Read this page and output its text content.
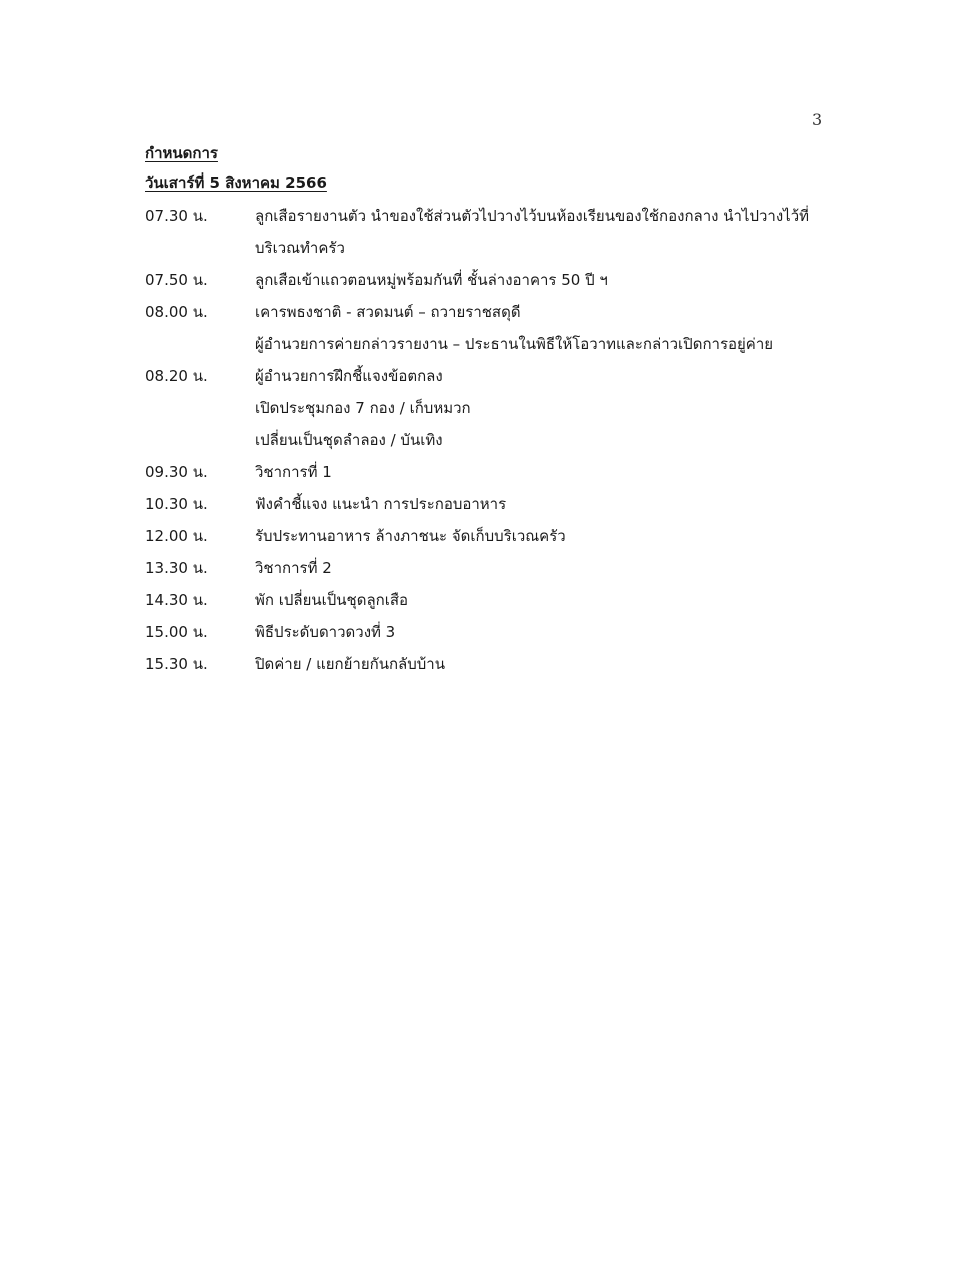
3
กำหนดการ
วันเสาร์ที่ 5 สิงหาคม 2566
07.30 น.	ลูกเสือรายงานตัว นำของใช้ส่วนตัวไปวางไว้บนห้องเรียนของใช้กองกลาง นำไปวางไว้ที่
บริเวณทำครัว
07.50 น.	ลูกเสือเข้าแถวตอนหมู่พร้อมกันที่ ชั้นล่างอาคาร 50 ปี ฯ
08.00 น.	เคารพธงชาติ - สวดมนต์ – ถวายราชสดุดี
ผู้อำนวยการค่ายกล่าวรายงาน – ประธานในพิธีให้โอวาทและกล่าวเปิดการอยู่ค่าย
08.20 น.	ผู้อำนวยการฝึกชี้แจงข้อตกลง
เปิดประชุมกอง 7 กอง / เก็บหมวก
เปลี่ยนเป็นชุดลำลอง / บันเทิง
09.30 น.	วิชาการที่ 1
10.30 น.	ฟังคำชี้แจง แนะนำ การประกอบอาหาร
12.00 น.	รับประทานอาหาร ล้างภาชนะ จัดเก็บบริเวณครัว
13.30 น.	วิชาการที่ 2
14.30 น.	พัก เปลี่ยนเป็นชุดลูกเสือ
15.00 น.	พิธีประดับดาวดวงที่ 3
15.30 น.	ปิดค่าย / แยกย้ายกันกลับบ้าน
